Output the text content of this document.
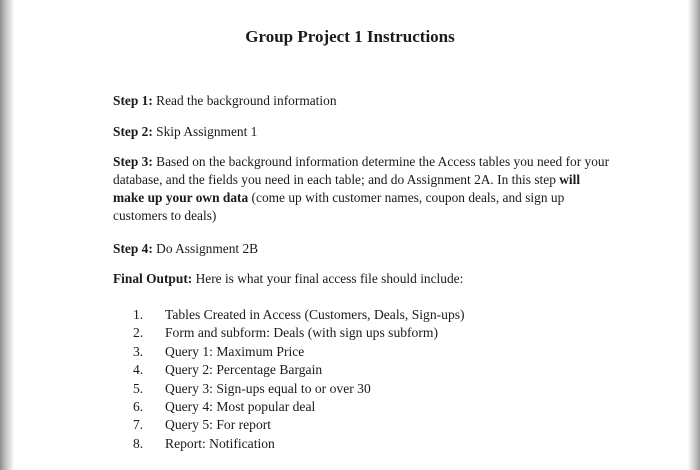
Group Project 1 Instructions
Step 1: Read the background information
Step 2: Skip Assignment 1
Step 3: Based on the background information determine the Access tables you need for your database, and the fields you need in each table; and do Assignment 2A. In this step will make up your own data (come up with customer names, coupon deals, and sign up customers to deals)
Step 4: Do Assignment 2B
Final Output: Here is what your final access file should include:
1.	Tables Created in Access (Customers, Deals, Sign-ups)
2.	Form and subform: Deals (with sign ups subform)
3.	Query 1: Maximum Price
4.	Query 2: Percentage Bargain
5.	Query 3: Sign-ups equal to or over 30
6.	Query 4: Most popular deal
7.	Query 5: For report
8.	Report: Notification
